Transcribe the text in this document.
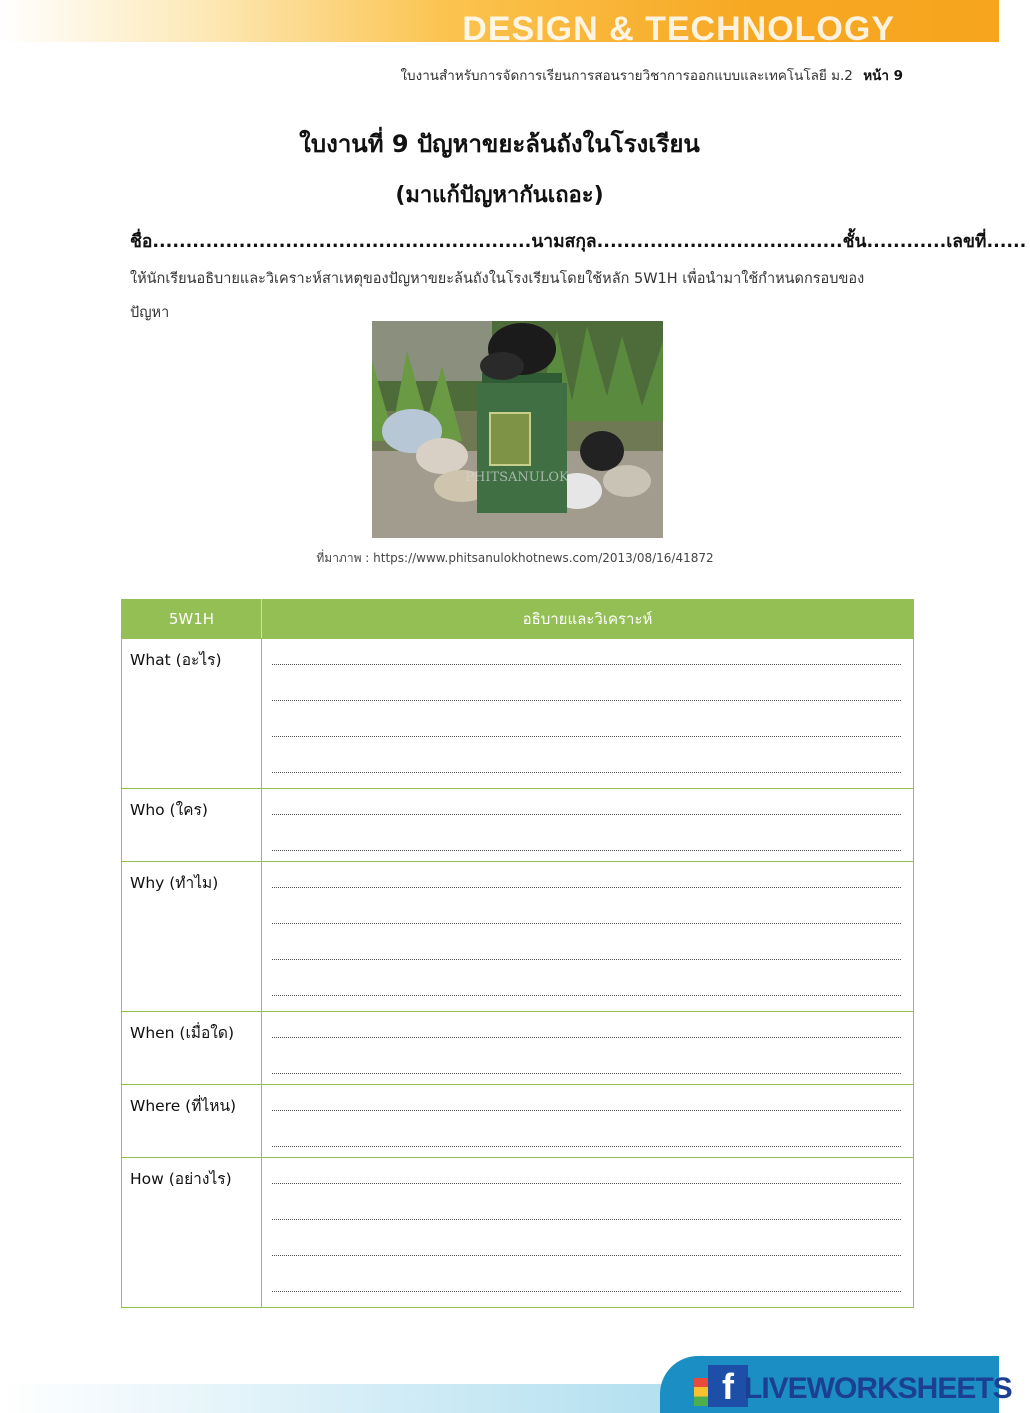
DESIGN & TECHNOLOGY
ใบงานสำหรับการจัดการเรียนการสอนรายวิชาการออกแบบและเทคโนโลยี ม.2 หน้า 9
ใบงานที่ 9 ปัญหาขยะล้นถังในโรงเรียน
(มาแก้ปัญหากันเถอะ)
ชื่อ.........................................................นามสกุล.....................................ชั้น............เลขที่......
ให้นักเรียนอธิบายและวิเคราะห์สาเหตุของปัญหาขยะล้นถังในโรงเรียนโดยใช้หลัก 5W1H เพื่อนำมาใช้กำหนดกรอบของปัญหา
PHITSANULOK
ที่มาภาพ : https://www.phitsanulokhotnews.com/2013/08/16/41872
5W1H	อธิบายและวิเคราะห์
What (อะไร)	

Who (ใคร)	

Why (ทำไม)	

When (เมื่อใด)	

Where (ที่ไหน)	

How (อย่างไร)	
f LIVEWORKSHEETS
